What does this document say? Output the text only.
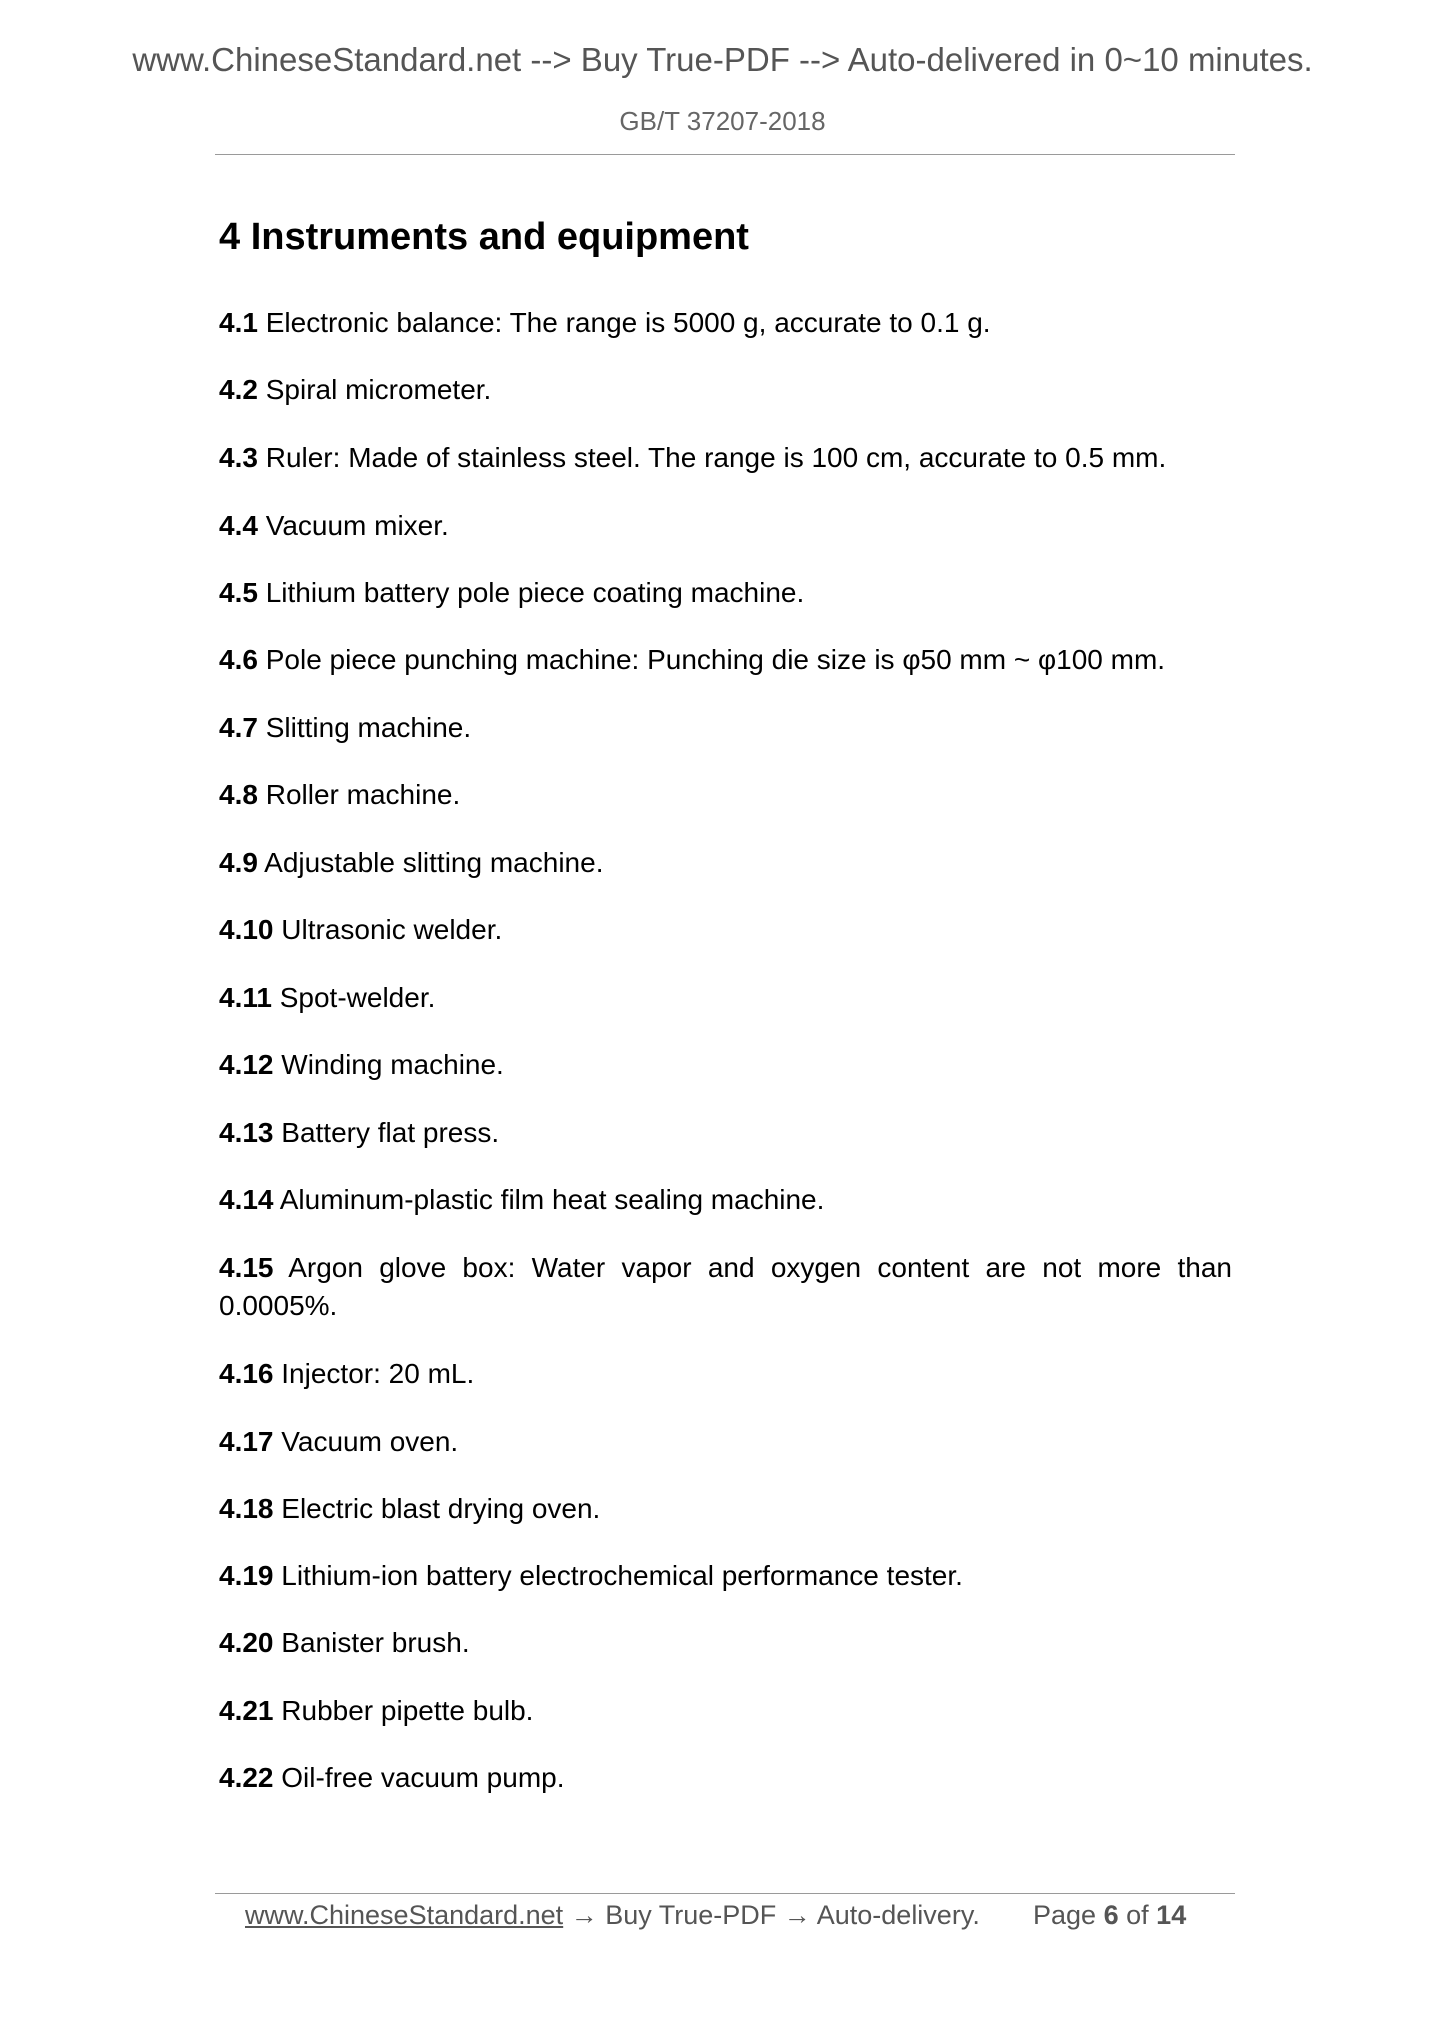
www.ChineseStandard.net --> Buy True-PDF --> Auto-delivered in 0~10 minutes.
GB/T 37207-2018
4 Instruments and equipment
4.1 Electronic balance: The range is 5000 g, accurate to 0.1 g.
4.2 Spiral micrometer.
4.3 Ruler: Made of stainless steel. The range is 100 cm, accurate to 0.5 mm.
4.4 Vacuum mixer.
4.5 Lithium battery pole piece coating machine.
4.6 Pole piece punching machine: Punching die size is φ50 mm ~ φ100 mm.
4.7 Slitting machine.
4.8 Roller machine.
4.9 Adjustable slitting machine.
4.10 Ultrasonic welder.
4.11 Spot-welder.
4.12 Winding machine.
4.13 Battery flat press.
4.14 Aluminum-plastic film heat sealing machine.
4.15 Argon glove box: Water vapor and oxygen content are not more than 0.0005%.
4.16 Injector: 20 mL.
4.17 Vacuum oven.
4.18 Electric blast drying oven.
4.19 Lithium-ion battery electrochemical performance tester.
4.20 Banister brush.
4.21 Rubber pipette bulb.
4.22 Oil-free vacuum pump.
www.ChineseStandard.net → Buy True-PDF → Auto-delivery. Page 6 of 14
